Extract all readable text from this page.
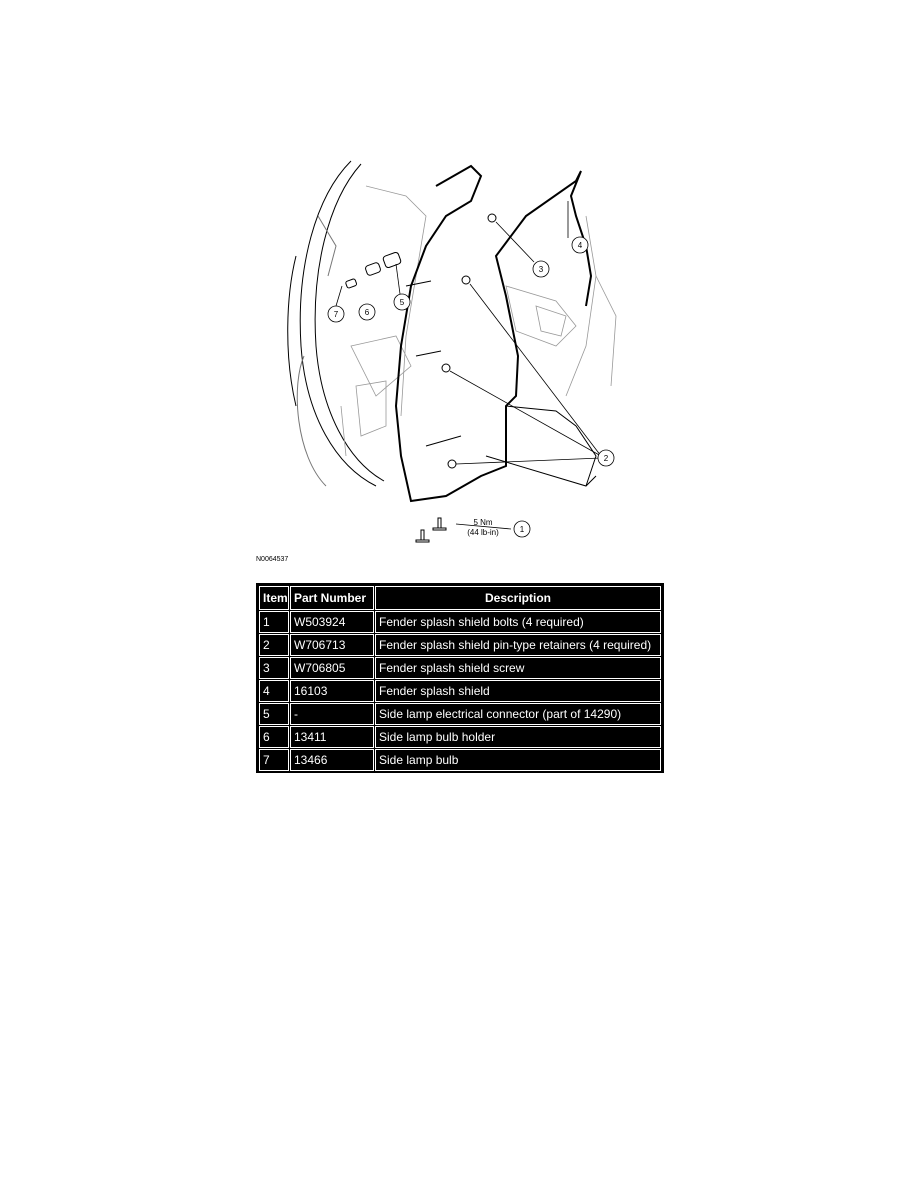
1
2
3
4
5
6
7
5 Nm
(44 lb-in)
N0064537
Item	Part Number	Description
1	W503924	Fender splash shield bolts (4 required)
2	W706713	Fender splash shield pin-type retainers (4 required)
3	W706805	Fender splash shield screw
4	16103	Fender splash shield
5	-	Side lamp electrical connector (part of 14290)
6	13411	Side lamp bulb holder
7	13466	Side lamp bulb
